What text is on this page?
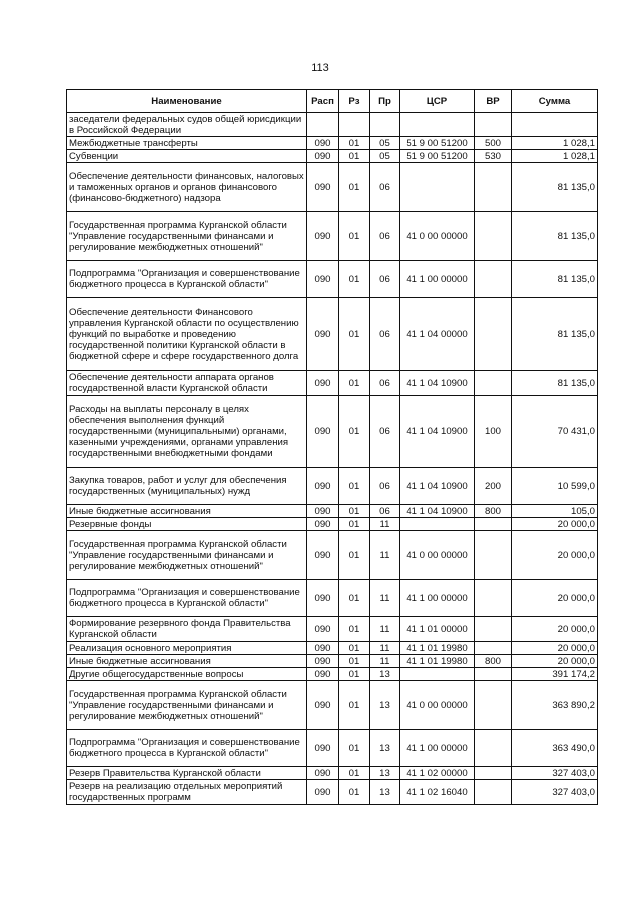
113
Наименование	Расп	Рз	Пр	ЦСР	ВР	Сумма
заседатели федеральных судов общей юрисдикции в Российской Федерации						
Межбюджетные трансферты	090	01	05	51 9 00 51200	500	1 028,1
Субвенции	090	01	05	51 9 00 51200	530	1 028,1
Обеспечение деятельности финансовых, налоговых и таможенных органов и органов финансового (финансово-бюджетного) надзора	090	01	06			81 135,0
Государственная программа Курганской области "Управление государственными финансами и регулирование межбюджетных отношений"	090	01	06	41 0 00 00000		81 135,0
Подпрограмма "Организация и совершенствование бюджетного процесса в Курганской области"	090	01	06	41 1 00 00000		81 135,0
Обеспечение деятельности Финансового управления Курганской области по осуществлению функций по выработке и проведению государственной политики Курганской области в бюджетной сфере и сфере государственного долга	090	01	06	41 1 04 00000		81 135,0
Обеспечение деятельности аппарата органов государственной власти Курганской области	090	01	06	41 1 04 10900		81 135,0
Расходы на выплаты персоналу в целях обеспечения выполнения функций государственными (муниципальными) органами, казенными учреждениями, органами управления государственными внебюджетными фондами	090	01	06	41 1 04 10900	100	70 431,0
Закупка товаров, работ и услуг для обеспечения государственных (муниципальных) нужд	090	01	06	41 1 04 10900	200	10 599,0
Иные бюджетные ассигнования	090	01	06	41 1 04 10900	800	105,0
Резервные фонды	090	01	11			20 000,0
Государственная программа Курганской области "Управление государственными финансами и регулирование межбюджетных отношений"	090	01	11	41 0 00 00000		20 000,0
Подпрограмма "Организация и совершенствование бюджетного процесса в Курганской области"	090	01	11	41 1 00 00000		20 000,0
Формирование резервного фонда Правительства Курганской области	090	01	11	41 1 01 00000		20 000,0
Реализация основного мероприятия	090	01	11	41 1 01 19980		20 000,0
Иные бюджетные ассигнования	090	01	11	41 1 01 19980	800	20 000,0
Другие общегосударственные вопросы	090	01	13			391 174,2
Государственная программа Курганской области "Управление государственными финансами и регулирование межбюджетных отношений"	090	01	13	41 0 00 00000		363 890,2
Подпрограмма "Организация и совершенствование бюджетного процесса в Курганской области"	090	01	13	41 1 00 00000		363 490,0
Резерв Правительства Курганской области	090	01	13	41 1 02 00000		327 403,0
Резерв на реализацию отдельных мероприятий государственных программ	090	01	13	41 1 02 16040		327 403,0
